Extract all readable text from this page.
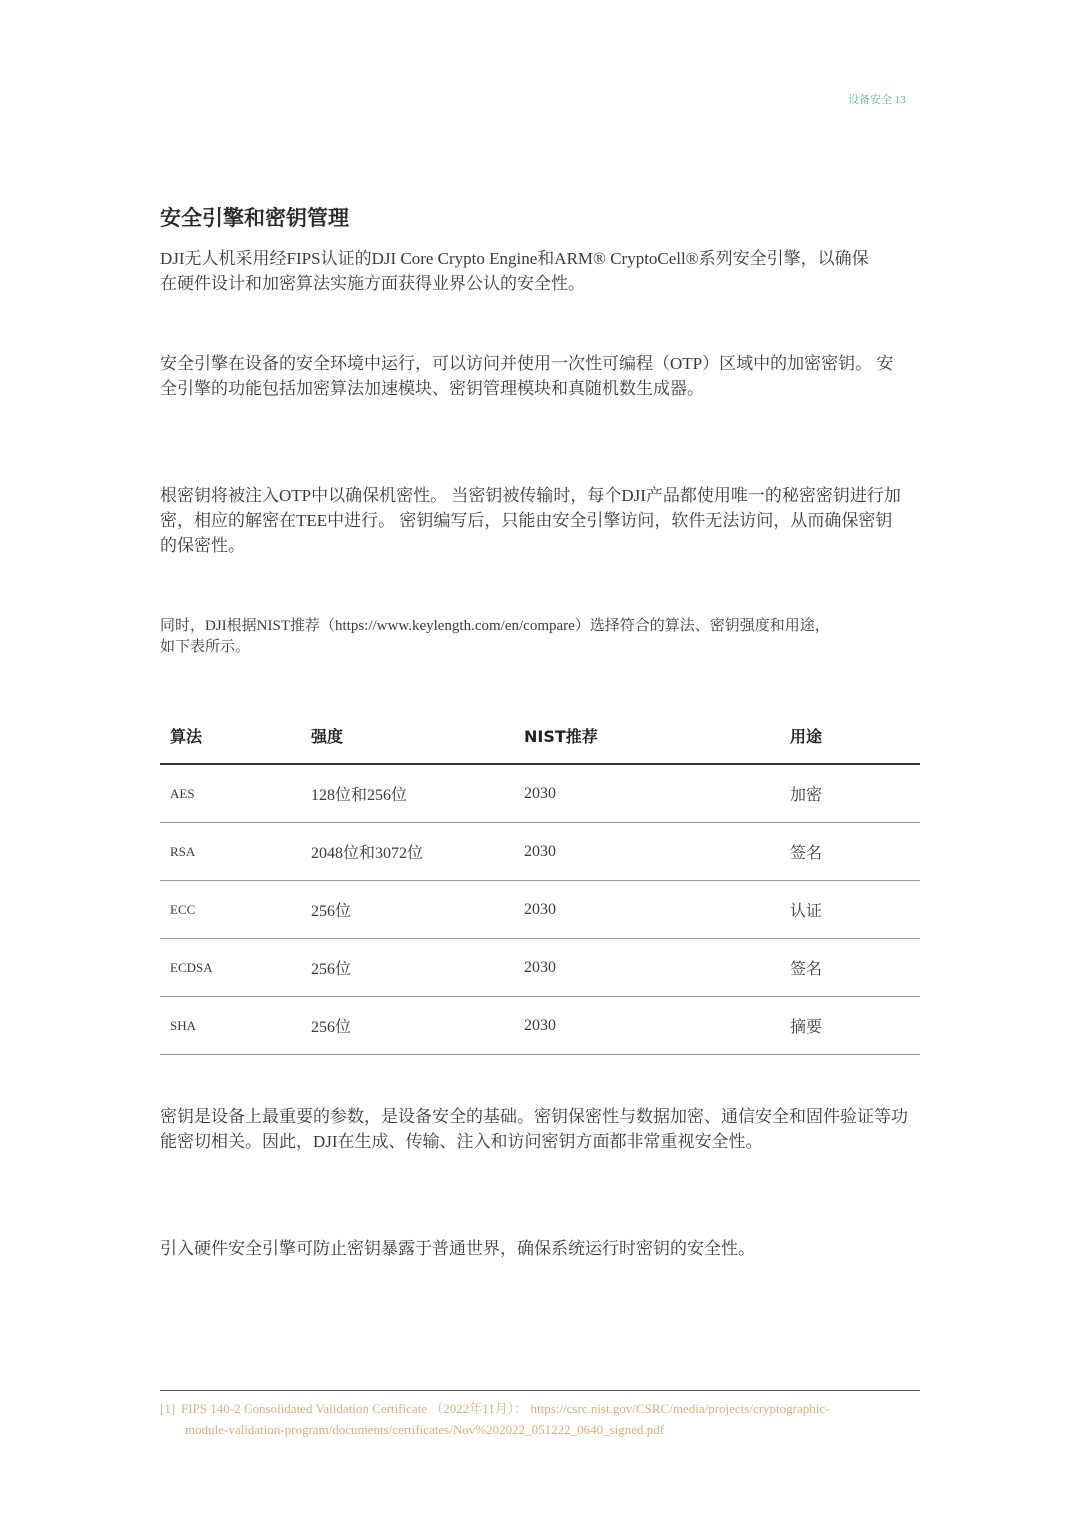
设备安全 13
安全引擎和密钥管理
DJI无人机采用经FIPS认证的DJI Core Crypto Engine和ARM® CryptoCell®系列安全引擎，以确保
在硬件设计和加密算法实施方面获得业界公认的安全性。
安全引擎在设备的安全环境中运行，可以访问并使用一次性可编程（OTP）区域中的加密密钥。 安
全引擎的功能包括加密算法加速模块、密钥管理模块和真随机数生成器。
根密钥将被注入OTP中以确保机密性。 当密钥被传输时，每个DJI产品都使用唯一的秘密密钥进行加
密，相应的解密在TEE中进行。 密钥编写后，只能由安全引擎访问，软件无法访问，从而确保密钥
的保密性。
同时，DJI根据NIST推荐（https://www.keylength.com/en/compare）选择符合的算法、密钥强度和用途，
如下表所示。
算法	强度	NIST推荐	用途
AES	128位和256位	2030	加密
RSA	2048位和3072位	2030	签名
ECC	256位	2030	认证
ECDSA	256位	2030	签名
SHA	256位	2030	摘要
密钥是设备上最重要的参数，是设备安全的基础。密钥保密性与数据加密、通信安全和固件验证等功
能密切相关。因此，DJI在生成、传输、注入和访问密钥方面都非常重视安全性。
引入硬件安全引擎可防止密钥暴露于普通世界，确保系统运行时密钥的安全性。
[1] FIPS 140-2 Consolidated Validation Certificate （2022年11月）： https://csrc.nist.gov/CSRC/media/projects/cryptographic-
module-validation-program/documents/certificates/Nov%202022_051222_0640_signed.pdf
